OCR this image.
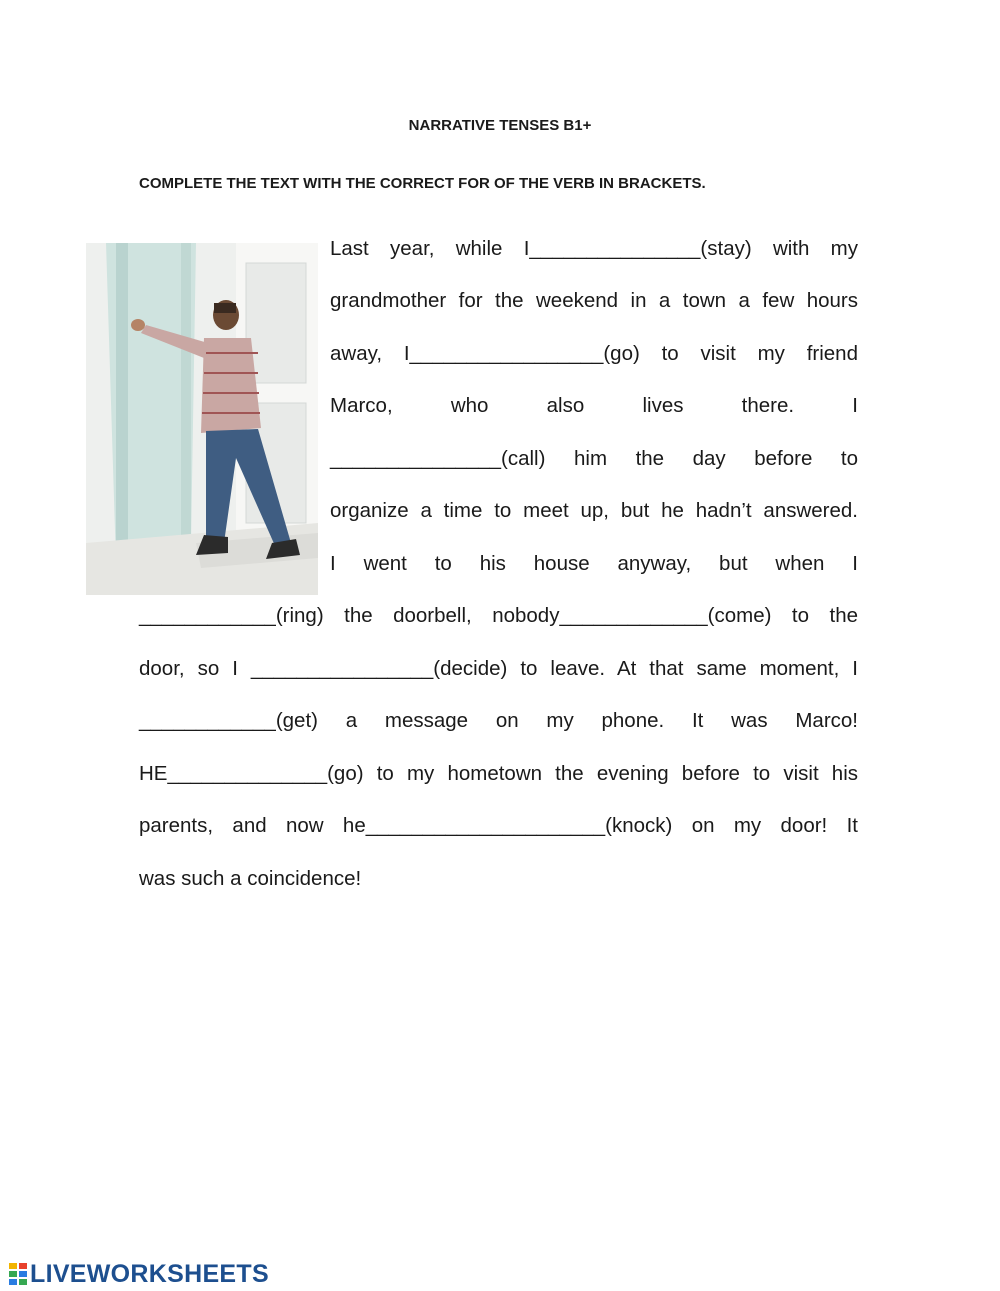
NARRATIVE TENSES B1+
COMPLETE THE TEXT WITH THE CORRECT FOR OF THE VERB IN BRACKETS.
Last year, while I_______________(stay) with my
grandmother for the weekend in a town a few hours
away, I_________________(go) to visit my friend
Marco, who also lives there. I
_______________(call) him the day before to
organize a time to meet up, but he hadn’t answered.
I went to his house anyway, but when I
____________(ring) the doorbell, nobody_____________(come) to the
door, so I ________________(decide) to leave. At that same moment, I
____________(get) a message on my phone. It was Marco!
HE______________(go) to my hometown the evening before to visit his
parents, and now he_____________________(knock) on my door! It
was such a coincidence!
LIVEWORKSHEETS
